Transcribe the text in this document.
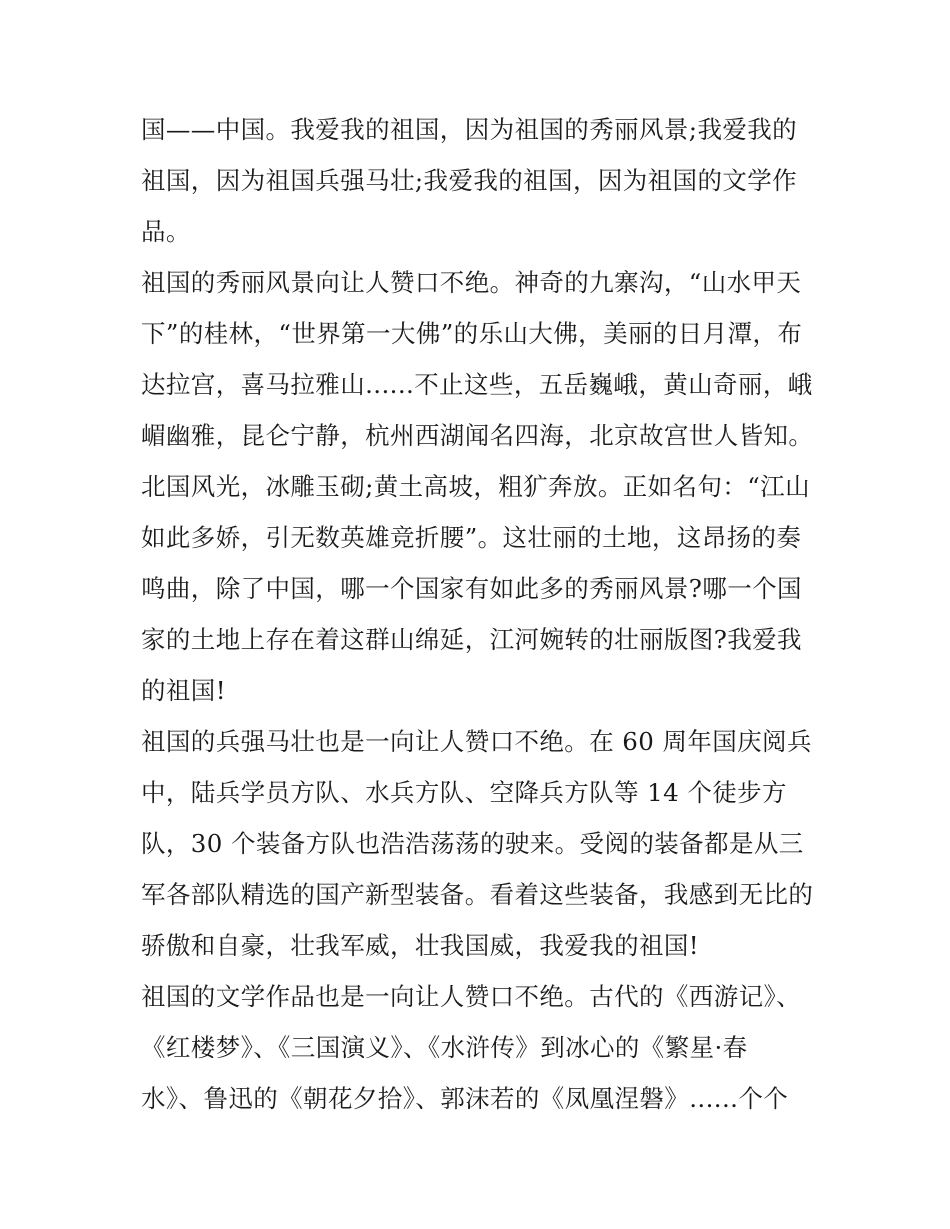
国——中国。我爱我的祖国，因为祖国的秀丽风景;我爱我的
祖国，因为祖国兵强马壮;我爱我的祖国，因为祖国的文学作
品。
祖国的秀丽风景向让人赞口不绝。神奇的九寨沟，“山水甲天
下”的桂林，“世界第一大佛”的乐山大佛，美丽的日月潭，布
达拉宫，喜马拉雅山......不止这些，五岳巍峨，黄山奇丽，峨
嵋幽雅，昆仑宁静，杭州西湖闻名四海，北京故宫世人皆知。
北国风光，冰雕玉砌;黄土高坡，粗犷奔放。正如名句：“江山
如此多娇，引无数英雄竞折腰”。这壮丽的土地，这昂扬的奏
鸣曲，除了中国，哪一个国家有如此多的秀丽风景?哪一个国
家的土地上存在着这群山绵延，江河婉转的壮丽版图?我爱我
的祖国!
祖国的兵强马壮也是一向让人赞口不绝。在 60 周年国庆阅兵
中，陆兵学员方队、水兵方队、空降兵方队等 14 个徒步方
队，30 个装备方队也浩浩荡荡的驶来。受阅的装备都是从三
军各部队精选的国产新型装备。看着这些装备，我感到无比的
骄傲和自豪，壮我军威，壮我国威，我爱我的祖国!
祖国的文学作品也是一向让人赞口不绝。古代的《西游记》、
《红楼梦》、《三国演义》、《水浒传》到冰心的《繁星·春
水》、鲁迅的《朝花夕拾》、郭沫若的《凤凰涅磐》......个个
